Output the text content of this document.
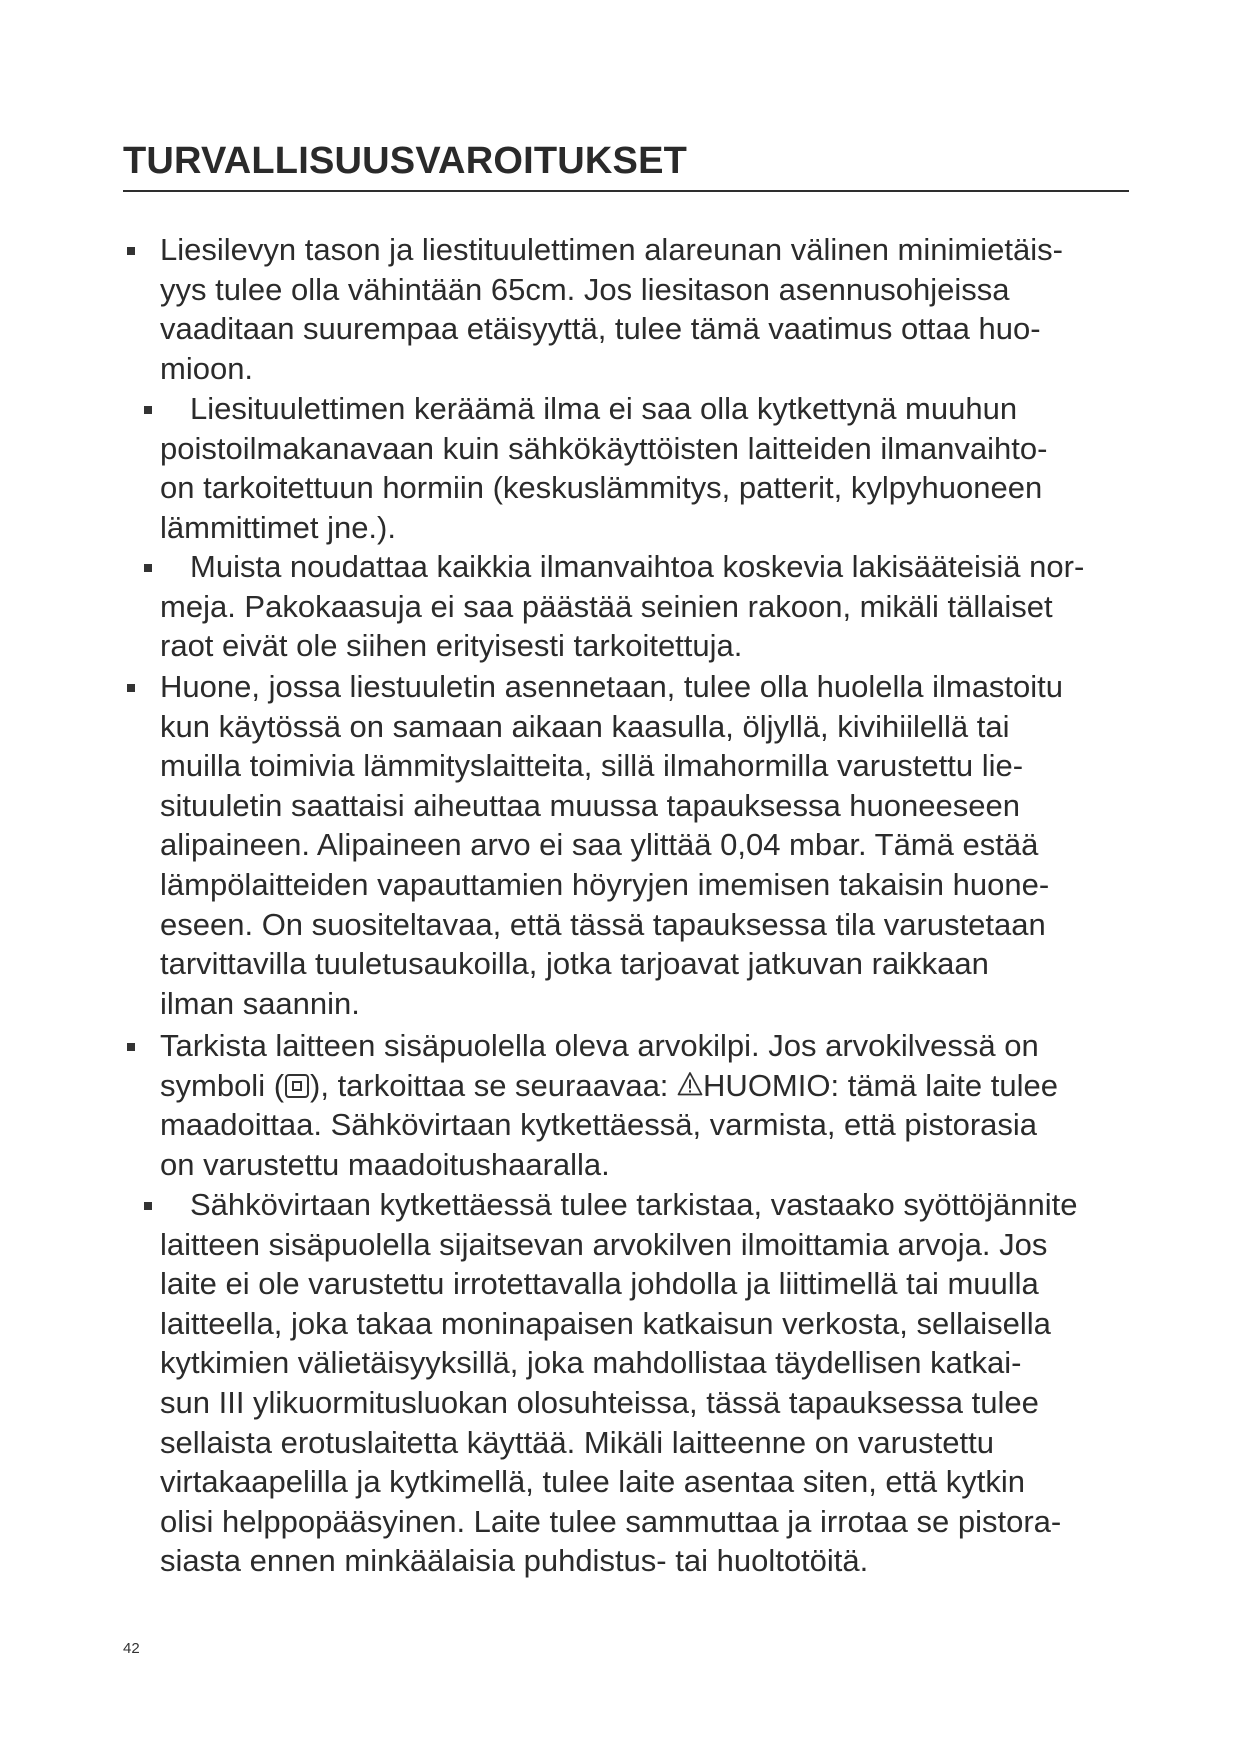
TURVALLISUUSVAROITUKSET

Liesilevyn tason ja liestituulettimen alareunan välinen minimietäis-
yys tulee olla vähintään 65cm. Jos liesitason asennusohjeissa
vaaditaan suurempaa etäisyyttä, tulee tämä vaatimus ottaa huo-
mioon.

Liesituulettimen keräämä ilma ei saa olla kytkettynä muuhun
poistoilmakanavaan kuin sähkökäyttöisten laitteiden ilmanvaihto-
on tarkoitettuun hormiin (keskuslämmitys, patterit, kylpyhuoneen
lämmittimet jne.).

Muista noudattaa kaikkia ilmanvaihtoa koskevia lakisääteisiä nor-
meja. Pakokaasuja ei saa päästää seinien rakoon, mikäli tällaiset
raot eivät ole siihen erityisesti tarkoitettuja.

Huone, jossa liestuuletin asennetaan, tulee olla huolella ilmastoitu
kun käytössä on samaan aikaan kaasulla, öljyllä, kivihiilellä tai
muilla toimivia lämmityslaitteita, sillä ilmahormilla varustettu lie-
situuletin saattaisi aiheuttaa muussa tapauksessa huoneeseen
alipaineen. Alipaineen arvo ei saa ylittää 0,04 mbar. Tämä estää
lämpölaitteiden vapauttamien höyryjen imemisen takaisin huone-
eseen. On suositeltavaa, että tässä tapauksessa tila varustetaan
tarvittavilla tuuletusaukoilla, jotka tarjoavat jatkuvan raikkaan
ilman saannin.

Tarkista laitteen sisäpuolella oleva arvokilpi. Jos arvokilvessä on
symboli ( ), tarkoittaa se seuraavaa: HUOMIO: tämä laite tulee
maadoittaa. Sähkövirtaan kytkettäessä, varmista, että pistorasia
on varustettu maadoitushaaralla.

Sähkövirtaan kytkettäessä tulee tarkistaa, vastaako syöttöjännite
laitteen sisäpuolella sijaitsevan arvokilven ilmoittamia arvoja. Jos
laite ei ole varustettu irrotettavalla johdolla ja liittimellä tai muulla
laitteella, joka takaa moninapaisen katkaisun verkosta, sellaisella
kytkimien välietäisyyksillä, joka mahdollistaa täydellisen katkai-
sun III ylikuormitusluokan olosuhteissa, tässä tapauksessa tulee
sellaista erotuslaitetta käyttää. Mikäli laitteenne on varustettu
virtakaapelilla ja kytkimellä, tulee laite asentaa siten, että kytkin
olisi helppopääsyinen. Laite tulee sammuttaa ja irrotaa se pistora-
siasta ennen minkäälaisia puhdistus- tai huoltotöitä.

42
